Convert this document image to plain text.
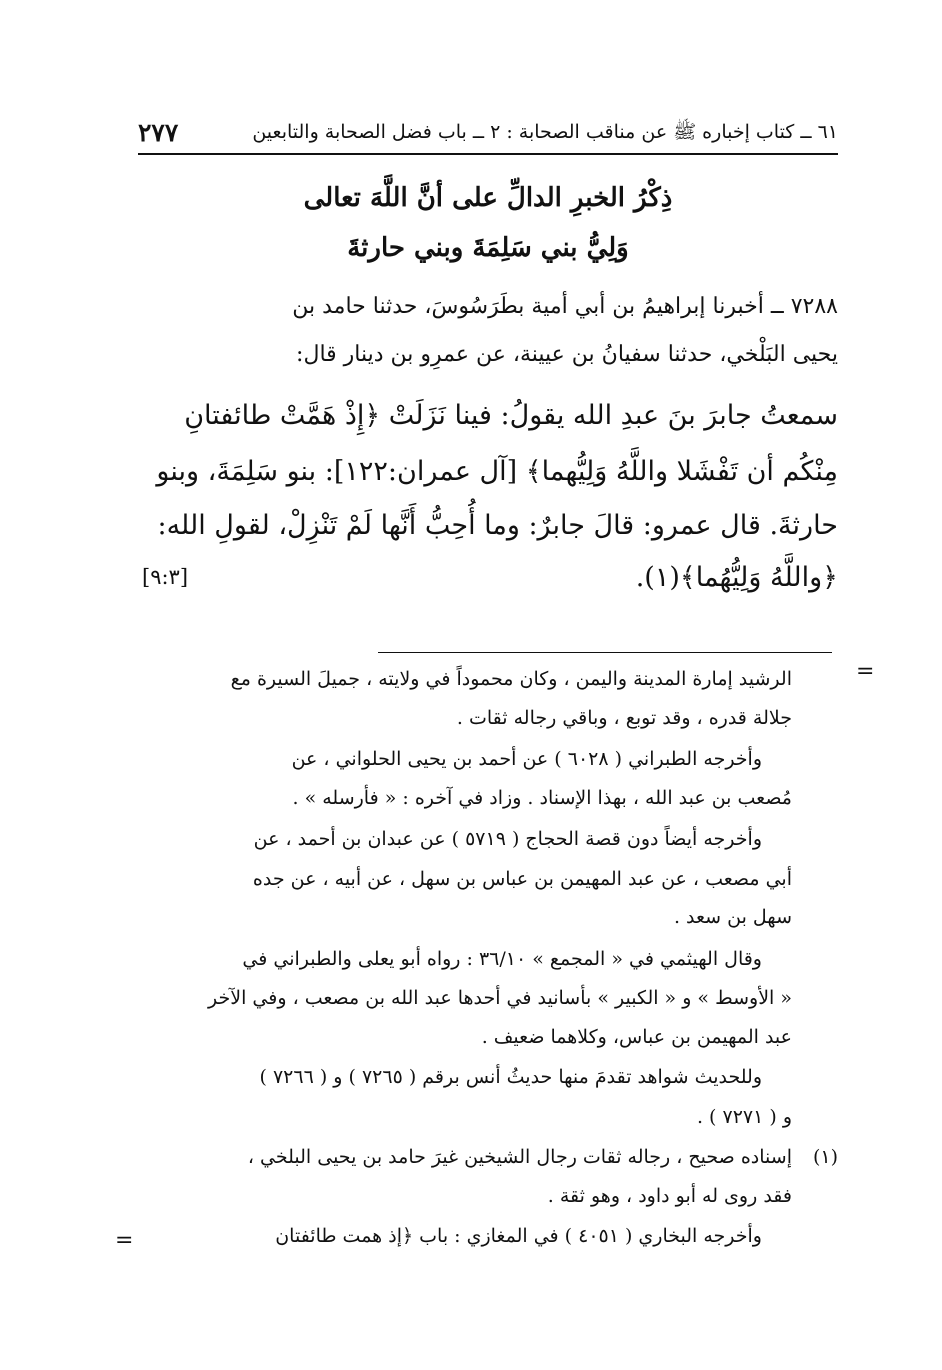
٦١ ــ كتاب إخباره ﷺ عن مناقب الصحابة : ٢ ــ باب فضل الصحابة والتابعين
٢٧٧
ذِكْرُ الخبرِ الدالِّ على أنَّ اللَّهَ تعالى
وَلِيُّ بني سَلِمَةَ وبني حارثةَ
٧٢٨٨ ــ أخبرنا إبراهيمُ بن أبي أمية بطَرَسُوسَ، حدثنا حامد بن
يحيى البَلْخي، حدثنا سفيانُ بن عيينة، عن عمرِو بن دينار قال:
سمعتُ جابرَ بنَ عبدِ الله يقولُ: فينا نَزَلَتْ ﴿إِذْ هَمَّتْ طائفتانِ
مِنْكُم أن تَفْشَلا واللَّهُ وَلِيُّهما﴾ [آل عمران:١٢٢]: بنو سَلِمَةَ، وبنو
حارثةَ. قال عمرو: قالَ جابرٌ: وما أُحِبُّ أَنَّها لَمْ تَنْزِلْ، لقولِ الله:
﴿واللَّهُ وَلِيُّهُما﴾(١).
[٩:٣]
=
الرشيد إمارة المدينة واليمن ، وكان محموداً في ولايته ، جميلَ السيرة مع
جلالة قدره ، وقد توبع ، وباقي رجاله ثقات .
وأخرجه الطبراني ( ٦٠٢٨ ) عن أحمد بن يحيى الحلواني ، عن
مُصعب بن عبد الله ، بهذا الإسناد . وزاد في آخره : « فأرسله » .
وأخرجه أيضاً دون قصة الحجاج ( ٥٧١٩ ) عن عبدان بن أحمد ، عن
أبي مصعب ، عن عبد المهيمن بن عباس بن سهل ، عن أبيه ، عن جده
سهل بن سعد .
وقال الهيثمي في « المجمع » ٣٦/١٠ : رواه أبو يعلى والطبراني في
« الأوسط » و « الكبير » بأسانيد في أحدها عبد الله بن مصعب ، وفي الآخر
عبد المهيمن بن عباس، وكلاهما ضعيف .
وللحديث شواهد تقدمَ منها حديثُ أنس برقم ( ٧٢٦٥ ) و ( ٧٢٦٦ )
و ( ٧٢٧١ ) .
(١)
إسناده صحيح ، رجاله ثقات رجال الشيخين غيرَ حامد بن يحيى البلخي ،
فقد روى له أبو داود ، وهو ثقة .
وأخرجه البخاري ( ٤٠٥١ ) في المغازي : باب ﴿إذ همت طائفتان
=
